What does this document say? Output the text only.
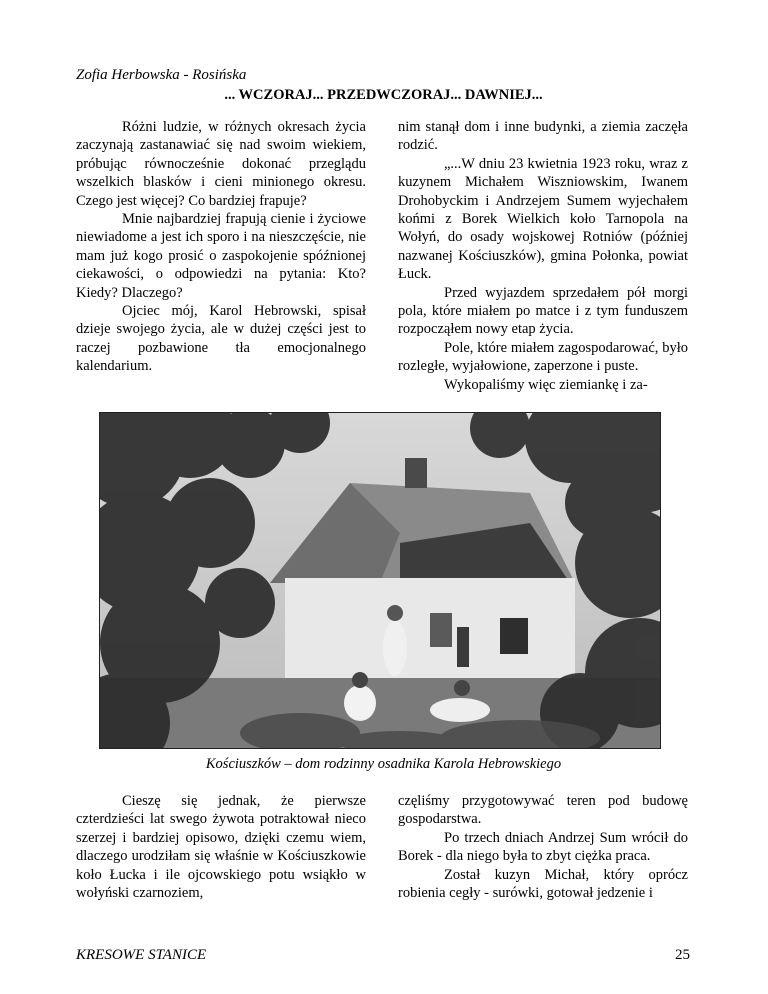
Zofia Herbowska - Rosińska
... WCZORAJ... PRZEDWCZORAJ... DAWNIEJ...

Różni ludzie, w różnych okresach życia zaczynają zastanawiać się nad swoim wiekiem, próbując równocześnie dokonać przeglądu wszelkich blasków i cieni minionego okresu. Czego jest więcej? Co bardziej frapuje?

Mnie najbardziej frapują cienie i życiowe niewiadome a jest ich sporo i na nieszczęście, nie mam już kogo prosić o zaspokojenie spóźnionej ciekawości, o odpowiedzi na pytania: Kto? Kiedy? Dlaczego?

Ojciec mój, Karol Hebrowski, spisał dzieje swojego życia, ale w dużej części jest to raczej pozbawione tła emocjonalnego kalendarium.

nim stanął dom i inne budynki, a ziemia zaczęła rodzić.

„...W dniu 23 kwietnia 1923 roku, wraz z kuzynem Michałem Wiszniowskim, Iwanem Drohobyckim i Andrzejem Sumem wyjechałem końmi z Borek Wielkich koło Tarnopola na Wołyń, do osady wojskowej Rotniów (później nazwanej Kościuszków), gmina Połonka, powiat Łuck.

Przed wyjazdem sprzedałem pół morgi pola, które miałem po matce i z tym funduszem rozpocząłem nowy etap życia.

Pole, które miałem zagospodarować, było rozległe, wyjałowione, zaperzone i puste.

Wykopaliśmy więc ziemiankę i za-

Kościuszków – dom rodzinny osadnika Karola Hebrowskiego

Cieszę się jednak, że pierwsze czterdzieści lat swego żywota potraktował nieco szerzej i bardziej opisowo, dzięki czemu wiem, dlaczego urodziłam się właśnie w Kościuszkowie koło Łucka i ile ojcowskiego potu wsiąkło w wołyński czarnoziem,

częliśmy przygotowywać teren pod budowę gospodarstwa.

Po trzech dniach Andrzej Sum wrócił do Borek - dla niego była to zbyt ciężka praca.

Został kuzyn Michał, który oprócz robienia cegły - surówki, gotował jedzenie i

KRESOWE STANICE	25
